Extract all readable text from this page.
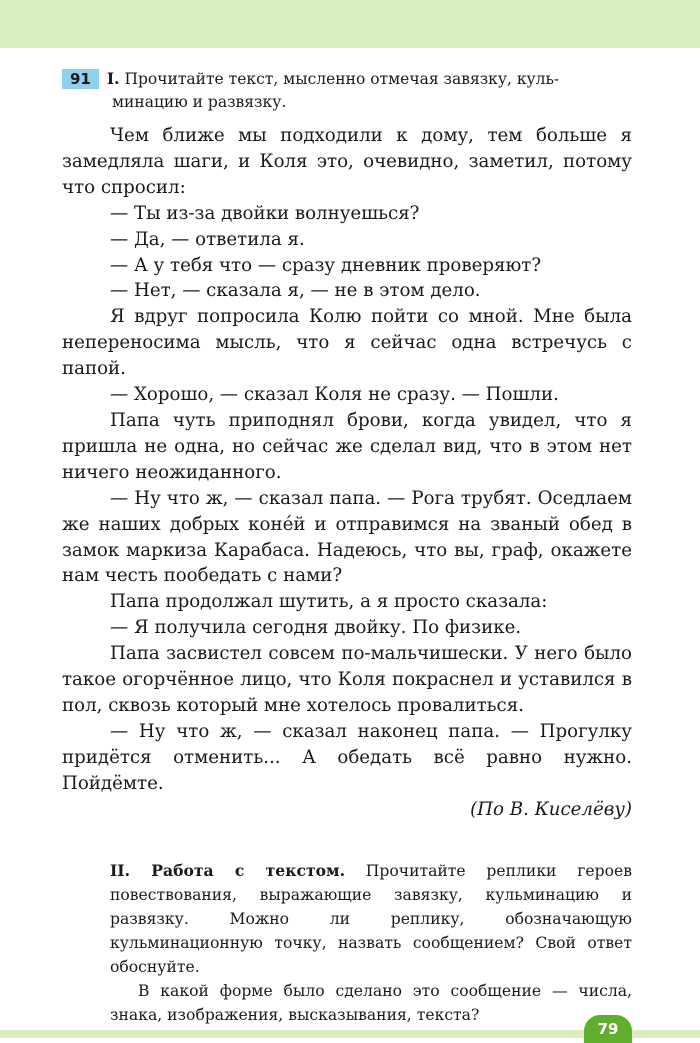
91 I. Прочитайте текст, мысленно отмечая завязку, куль-
минацию и развязку.

Чем ближе мы подходили к дому, тем больше я замедляла шаги, и Коля это, очевидно, заметил, потому что спросил:

— Ты из-за двойки волнуешься?

— Да, — ответила я.

— А у тебя что — сразу дневник проверяют?

— Нет, — сказала я, — не в этом дело.

Я вдруг попросила Колю пойти со мной. Мне была непереносима мысль, что я сейчас одна встречусь с папой.

— Хорошо, — сказал Коля не сразу. — Пошли.

Папа чуть приподнял брови, когда увидел, что я пришла не одна, но сейчас же сделал вид, что в этом нет ничего неожиданного.

— Ну что ж, — сказал папа. — Рога трубят. Оседлаем же наших добрых коне́й и отправимся на званый обед в замок маркиза Карабаса. Надеюсь, что вы, граф, окажете нам честь пообедать с нами?

Папа продолжал шутить, а я просто сказала:

— Я получила сегодня двойку. По физике.

Папа засвистел совсем по-мальчишески. У него было такое огорчённое лицо, что Коля покраснел и уставился в пол, сквозь который мне хотелось провалиться.

— Ну что ж, — сказал наконец папа. — Прогулку придётся отменить... А обедать всё равно нужно. Пойдёмте.

(По В. Киселёву)

II. Работа с текстом. Прочитайте реплики героев повествования, выражающие завязку, кульминацию и развязку. Можно ли реплику, обозначающую кульминационную точку, назвать сообщением? Свой ответ обоснуйте.

В какой форме было сделано это сообщение — числа, знака, изображения, высказывания, текста?

79
